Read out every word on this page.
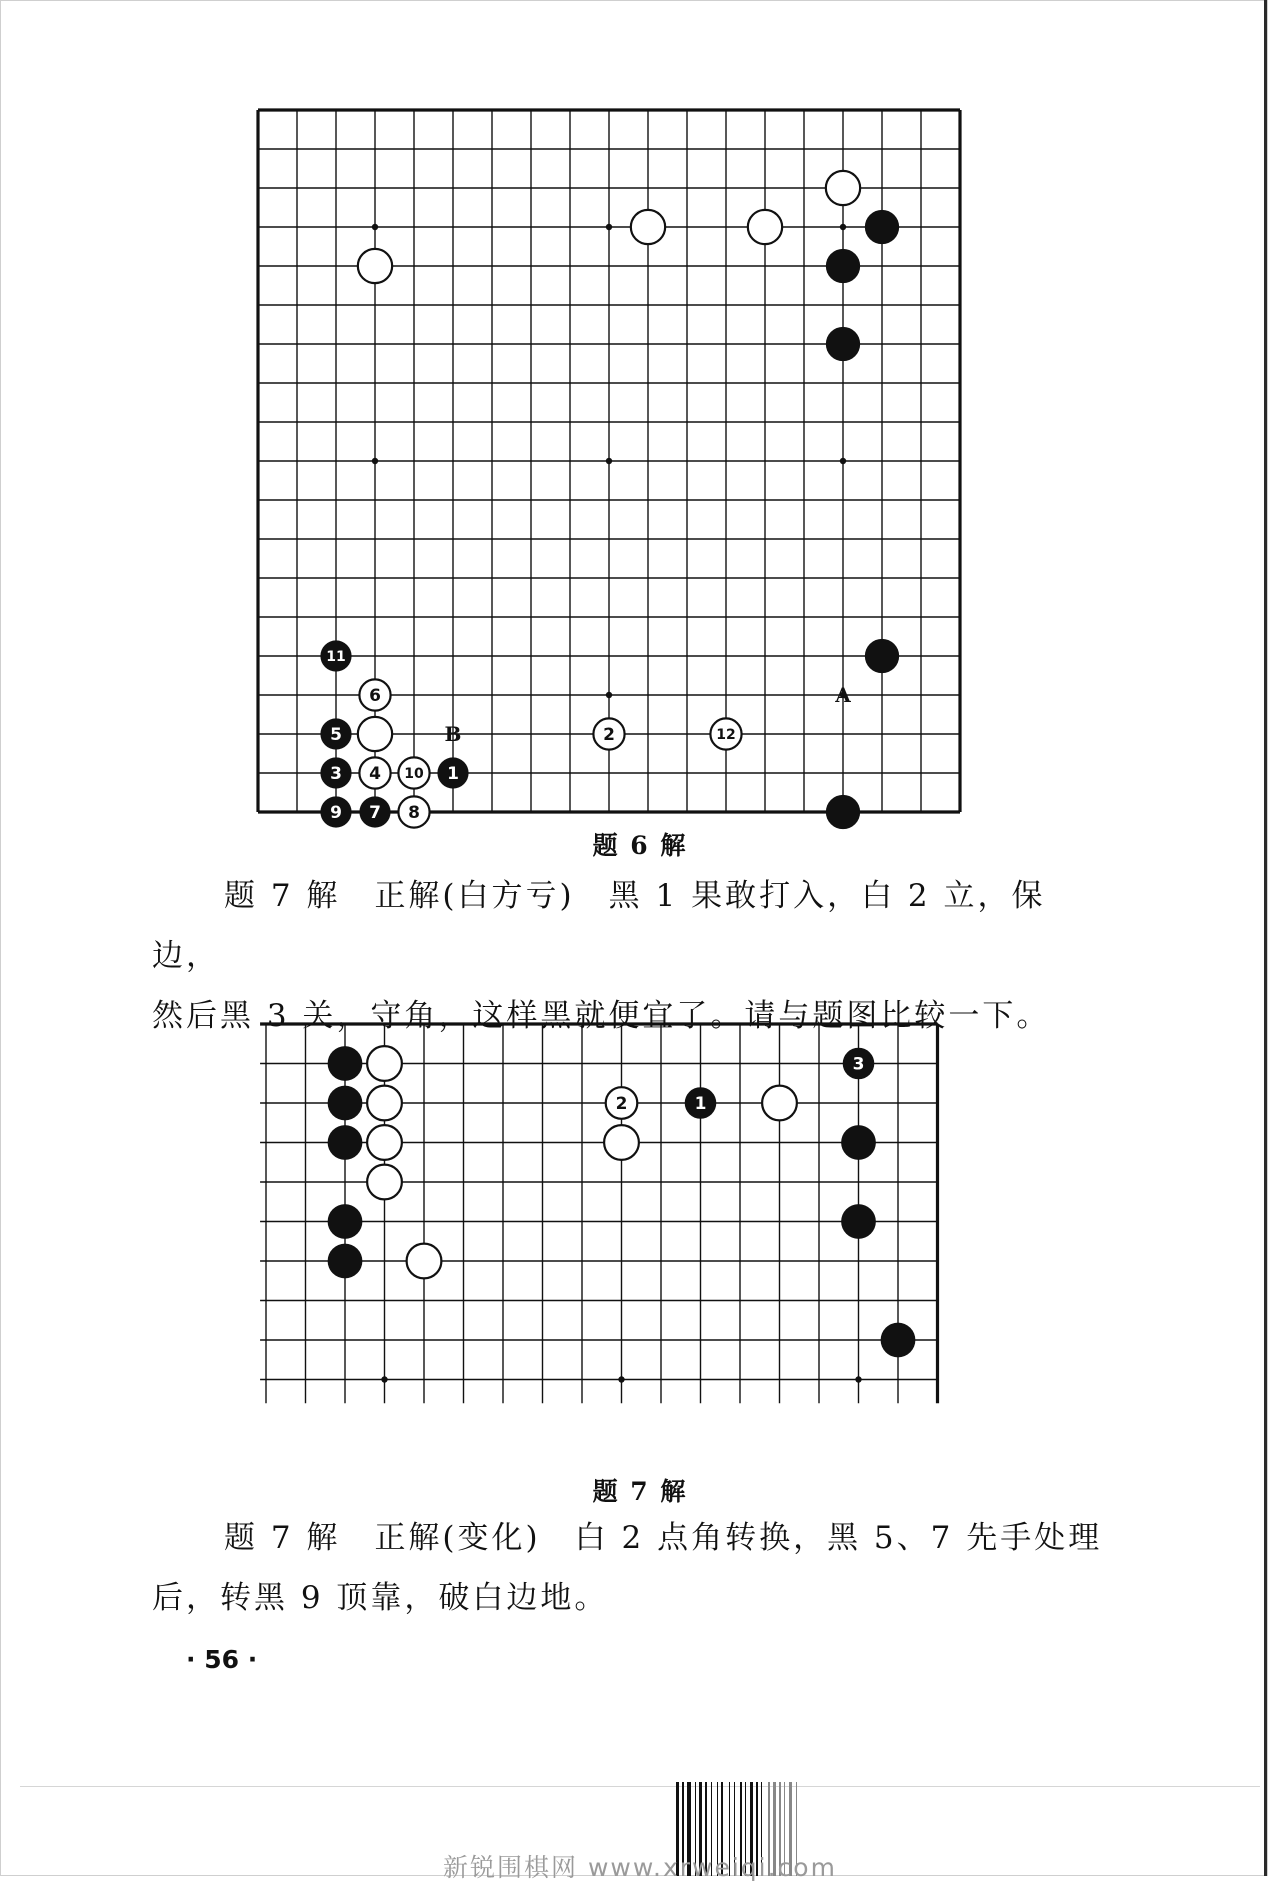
11
6
5
3 4 10 1
9 7 8
2	12
B
A
题 6 解
题 7 解 正解(白方亏) 黑 1 果敢打入，白 2 立，保边，
然后黑 3 关，守角，这样黑就便宜了。请与题图比较一下。
2	1
3
题 7 解
题 7 解 正解(变化) 白 2 点角转换，黑 5、7 先手处理
后，转黑 9 顶靠，破白边地。
· 56 ·
新锐围棋网 www.xrweiqi.com
